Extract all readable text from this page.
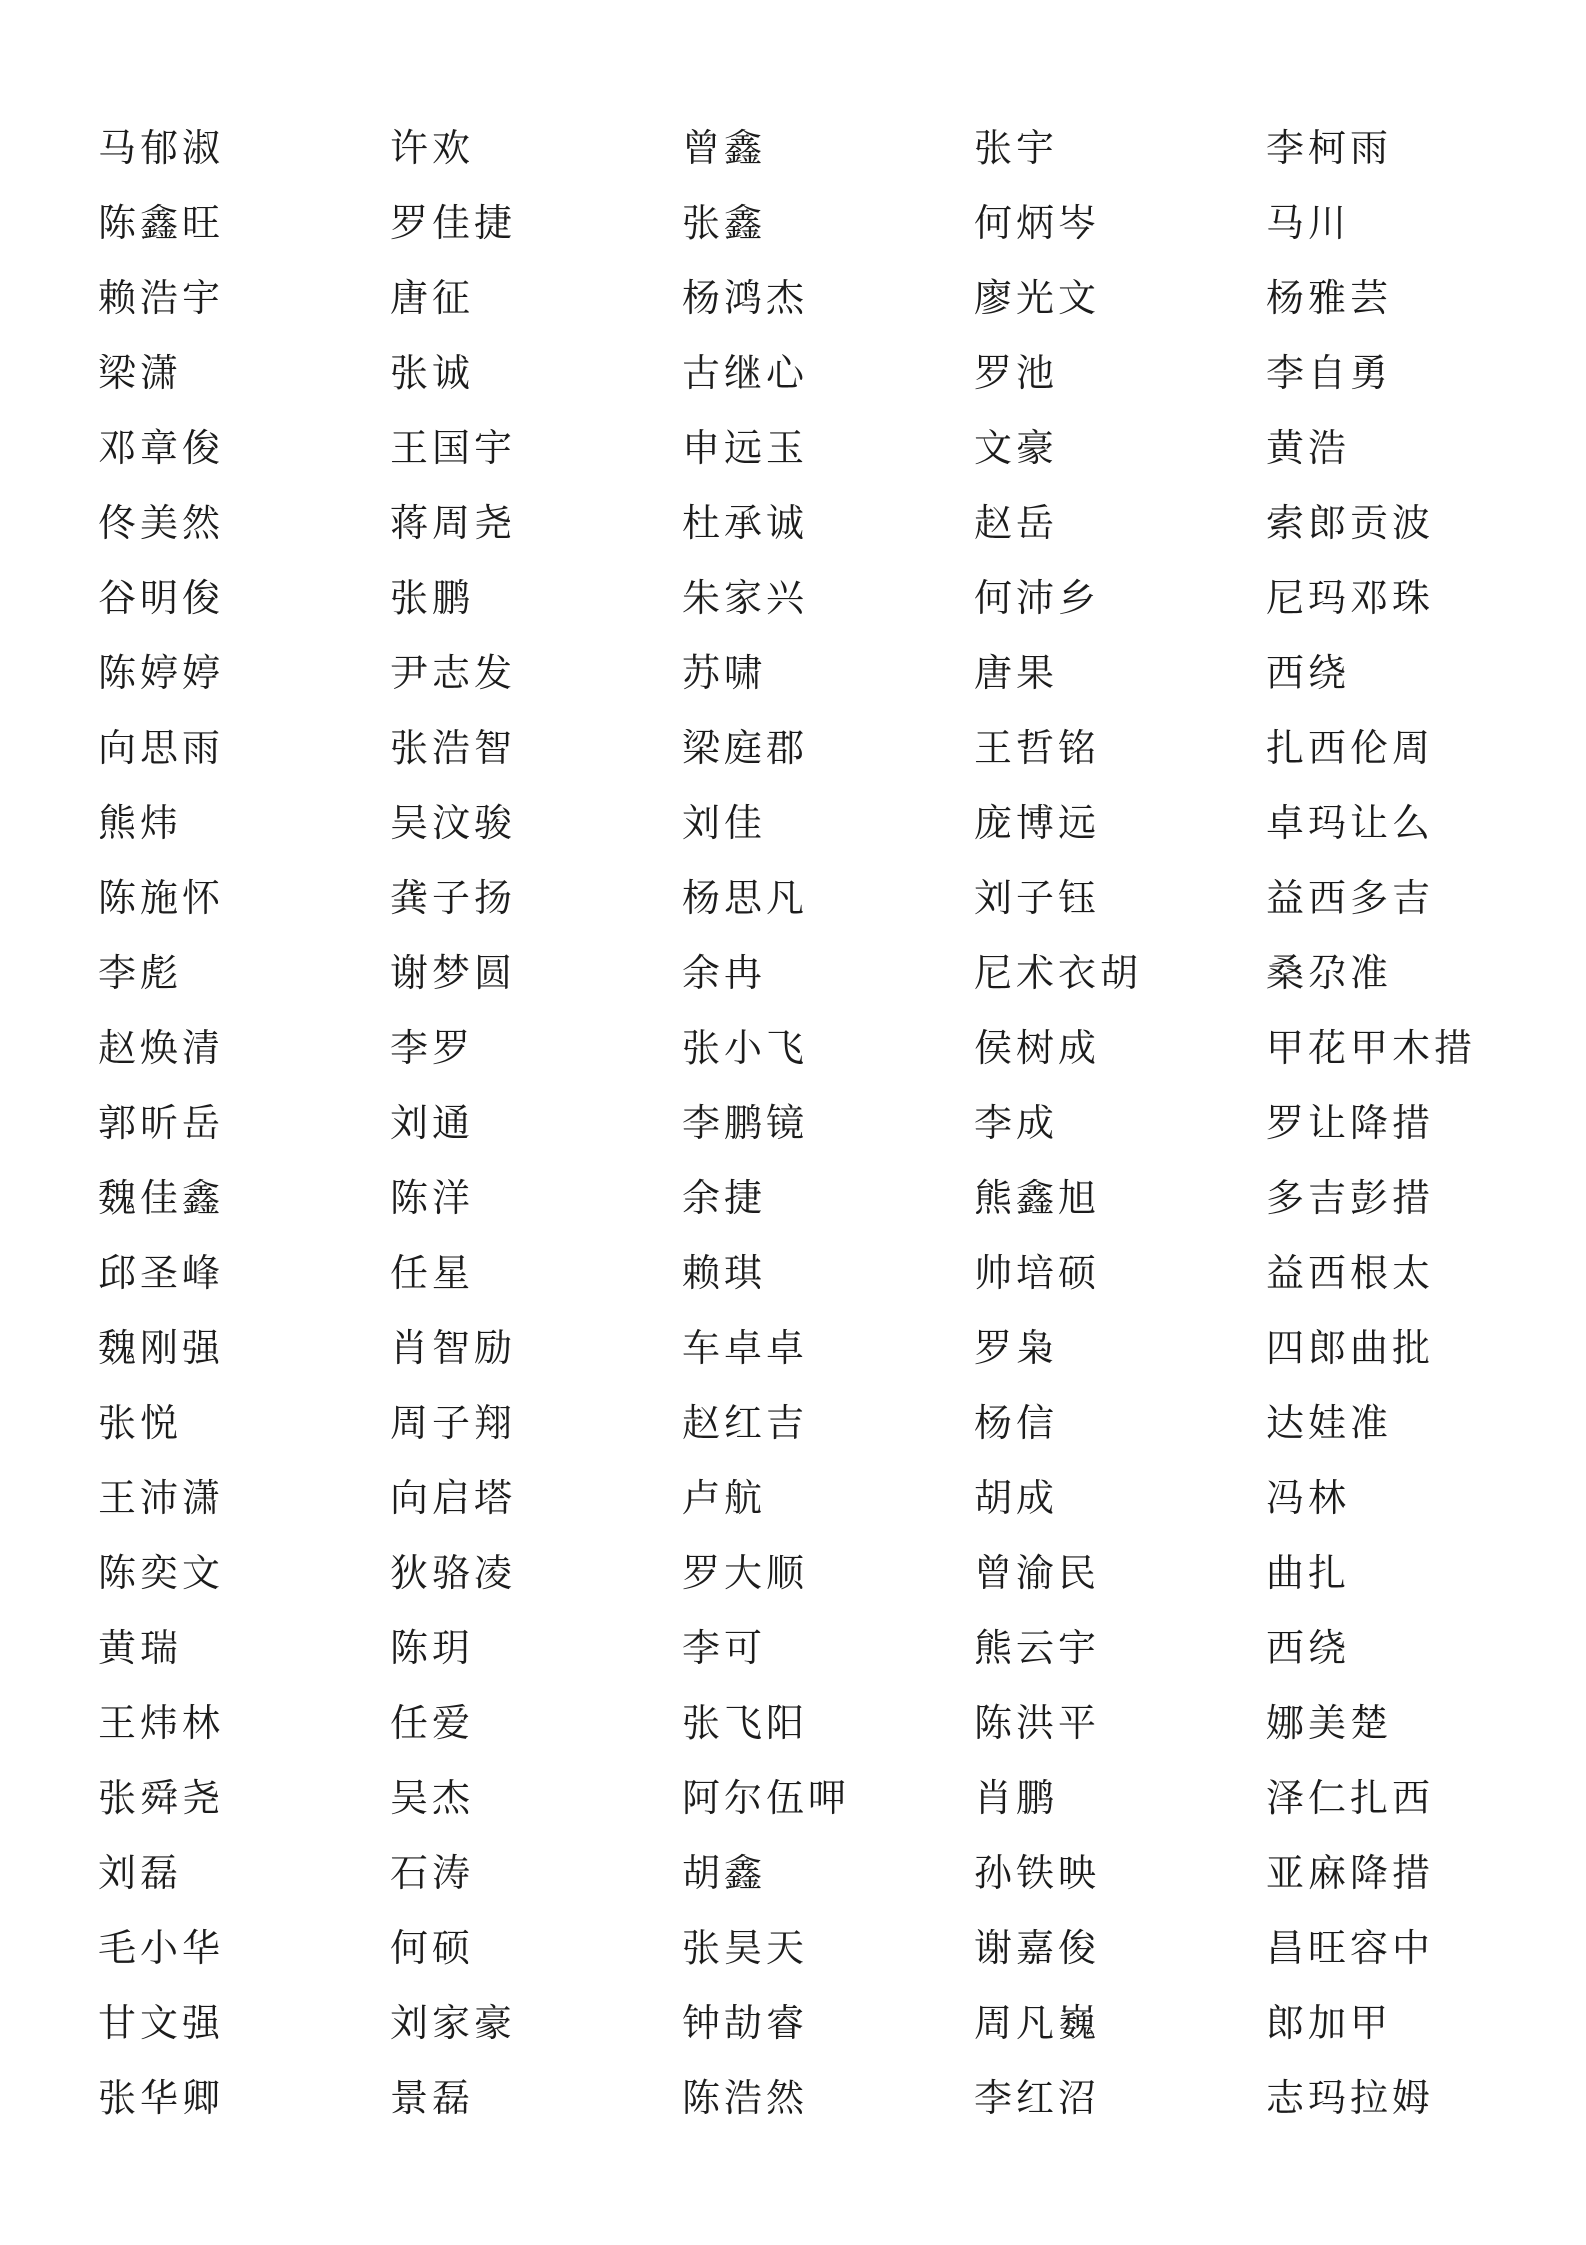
马郁淑	许欢	曾鑫	张宇	李柯雨
陈鑫旺	罗佳捷	张鑫	何炳岑	马川
赖浩宇	唐征	杨鸿杰	廖光文	杨雅芸
梁潇	张诚	古继心	罗池	李自勇
邓章俊	王国宇	申远玉	文豪	黄浩
佟美然	蒋周尧	杜承诚	赵岳	索郎贡波
谷明俊	张鹏	朱家兴	何沛乡	尼玛邓珠
陈婷婷	尹志发	苏啸	唐果	西绕
向思雨	张浩智	梁庭郡	王哲铭	扎西伦周
熊炜	吴汶骏	刘佳	庞博远	卓玛让么
陈施怀	龚子扬	杨思凡	刘子钰	益西多吉
李彪	谢梦圆	余冉	尼术衣胡	桑尕准
赵焕清	李罗	张小飞	侯树成	甲花甲木措
郭昕岳	刘通	李鹏镜	李成	罗让降措
魏佳鑫	陈洋	余捷	熊鑫旭	多吉彭措
邱圣峰	任星	赖琪	帅培硕	益西根太
魏刚强	肖智励	车卓卓	罗枭	四郎曲批
张悦	周子翔	赵红吉	杨信	达娃准
王沛潇	向启塔	卢航	胡成	冯林
陈奕文	狄骆凌	罗大顺	曾渝民	曲扎
黄瑞	陈玥	李可	熊云宇	西绕
王炜林	任爱	张飞阳	陈洪平	娜美楚
张舜尧	吴杰	阿尔伍呷	肖鹏	泽仁扎西
刘磊	石涛	胡鑫	孙铁映	亚麻降措
毛小华	何硕	张昊天	谢嘉俊	昌旺容中
甘文强	刘家豪	钟劼睿	周凡巍	郎加甲
张华卿	景磊	陈浩然	李红沼	志玛拉姆
